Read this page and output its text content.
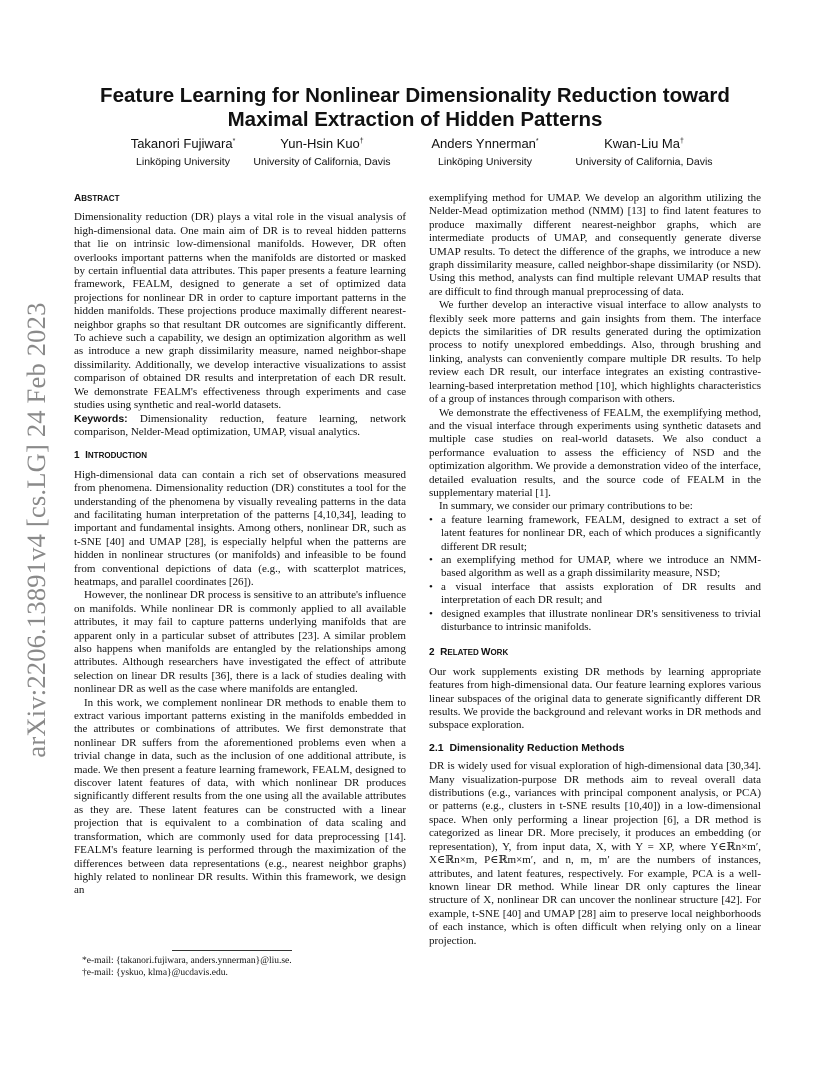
arXiv:2206.13891v4 [cs.LG] 24 Feb 2023
Feature Learning for Nonlinear Dimensionality Reduction toward Maximal Extraction of Hidden Patterns
Takanori Fujiwara*
Linköping University
Yun-Hsin Kuo†
University of California, Davis
Anders Ynnerman*
Linköping University
Kwan-Liu Ma†
University of California, Davis
ABSTRACT

Dimensionality reduction (DR) plays a vital role in the visual analysis of high-dimensional data. One main aim of DR is to reveal hidden patterns that lie on intrinsic low-dimensional manifolds. However, DR often overlooks important patterns when the manifolds are distorted or masked by certain influential data attributes. This paper presents a feature learning framework, FEALM, designed to generate a set of optimized data projections for nonlinear DR in order to capture important patterns in the hidden manifolds. These projections produce maximally different nearest-neighbor graphs so that resultant DR outcomes are significantly different. To achieve such a capability, we design an optimization algorithm as well as introduce a new graph dissimilarity measure, named neighbor-shape dissimilarity. Additionally, we develop interactive visualizations to assist comparison of obtained DR results and interpretation of each DR result. We demonstrate FEALM's effectiveness through experiments and case studies using synthetic and real-world datasets.

Keywords: Dimensionality reduction, feature learning, network comparison, Nelder-Mead optimization, UMAP, visual analytics.

1 INTRODUCTION

High-dimensional data can contain a rich set of observations measured from phenomena. Dimensionality reduction (DR) constitutes a tool for the understanding of the phenomena by visually revealing patterns in the data and facilitating human interpretation of the patterns [4,10,34], leading to important and fundamental insights. Among others, nonlinear DR, such as t-SNE [40] and UMAP [28], is especially helpful when the patterns are hidden in nonlinear structures (or manifolds) and infeasible to be found from conventional depictions of data (e.g., with scatterplot matrices, heatmaps, and parallel coordinates [26]).

However, the nonlinear DR process is sensitive to an attribute's influence on manifolds. While nonlinear DR is commonly applied to all available attributes, it may fail to capture patterns underlying manifolds that are apparent only in a particular subset of attributes [23]. A similar problem also happens when manifolds are entangled by the relationships among attributes. Although researchers have investigated the effect of attribute selection on linear DR results [36], there is a lack of studies dealing with nonlinear DR as well as the case where manifolds are entangled.

In this work, we complement nonlinear DR methods to enable them to extract various important patterns existing in the manifolds embedded in the attributes or combinations of attributes. We first demonstrate that nonlinear DR suffers from the aforementioned problems even when a trivial change in data, such as the inclusion of one additional attribute, is made. We then present a feature learning framework, FEALM, designed to discover latent features of data, with which nonlinear DR produces significantly different results from the one using all the available attributes as they are. These latent features can be constructed with a linear projection that is equivalent to a combination of data scaling and transformation, which are commonly used for data preprocessing [14]. FEALM's feature learning is performed through the maximization of the differences between data representations (e.g., nearest neighbor graphs) highly related to nonlinear DR results. Within this framework, we design an

*e-mail: {takanori.fujiwara, anders.ynnerman}@liu.se.
†e-mail: {yskuo, klma}@ucdavis.edu.

exemplifying method for UMAP. We develop an algorithm utilizing the Nelder-Mead optimization method (NMM) [13] to find latent features to produce maximally different nearest-neighbor graphs, which are intermediate products of UMAP, and consequently generate diverse UMAP results. To detect the difference of the graphs, we introduce a new graph dissimilarity measure, called neighbor-shape dissimilarity (or NSD). Using this method, analysts can find multiple relevant UMAP results that are difficult to find through manual preprocessing of data.

We further develop an interactive visual interface to allow analysts to flexibly seek more patterns and gain insights from them. The interface depicts the similarities of DR results generated during the optimization process to notify unexplored embeddings. Also, through brushing and linking, analysts can conveniently compare multiple DR results. To help review each DR result, our interface integrates an existing contrastive-learning-based interpretation method [10], which highlights characteristics of a group of instances through comparison with others.

We demonstrate the effectiveness of FEALM, the exemplifying method, and the visual interface through experiments using synthetic datasets and multiple case studies on real-world datasets. We also conduct a performance evaluation to assess the efficiency of NSD and the optimization algorithm. We provide a demonstration video of the interface, detailed evaluation results, and the source code of FEALM in the supplementary material [1].

In summary, we consider our primary contributions to be:

• a feature learning framework, FEALM, designed to extract a set of latent features for nonlinear DR, each of which produces a significantly different DR result;
• an exemplifying method for UMAP, where we introduce an NMM-based algorithm as well as a graph dissimilarity measure, NSD;
• a visual interface that assists exploration of DR results and interpretation of each DR result; and
• designed examples that illustrate nonlinear DR's sensitiveness to trivial disturbance to intrinsic manifolds.
2 RELATED WORK

Our work supplements existing DR methods by learning appropriate features from high-dimensional data. Our feature learning explores various linear subspaces of the original data to generate significantly different DR results. We provide the background and relevant works in DR methods and subspace exploration.

2.1 Dimensionality Reduction Methods

DR is widely used for visual exploration of high-dimensional data [30,34]. Many visualization-purpose DR methods aim to reveal overall data distributions (e.g., variances with principal component analysis, or PCA) or patterns (e.g., clusters in t-SNE results [10,40]) in a low-dimensional space. When only performing a linear projection [6], a DR method is categorized as linear DR. More precisely, it produces an embedding (or representation), Y, from input data, X, with Y = XP, where Y∈ℝn×m′, X∈ℝn×m, P∈ℝm×m′, and n, m, m′ are the numbers of instances, attributes, and latent features, respectively. For example, PCA is a well-known linear DR method. While linear DR only captures the linear structure of X, nonlinear DR can uncover the nonlinear structure [42]. For example, t-SNE [40] and UMAP [28] aim to preserve local neighborhoods of each instance, which is often difficult when relying only on a linear projection.
